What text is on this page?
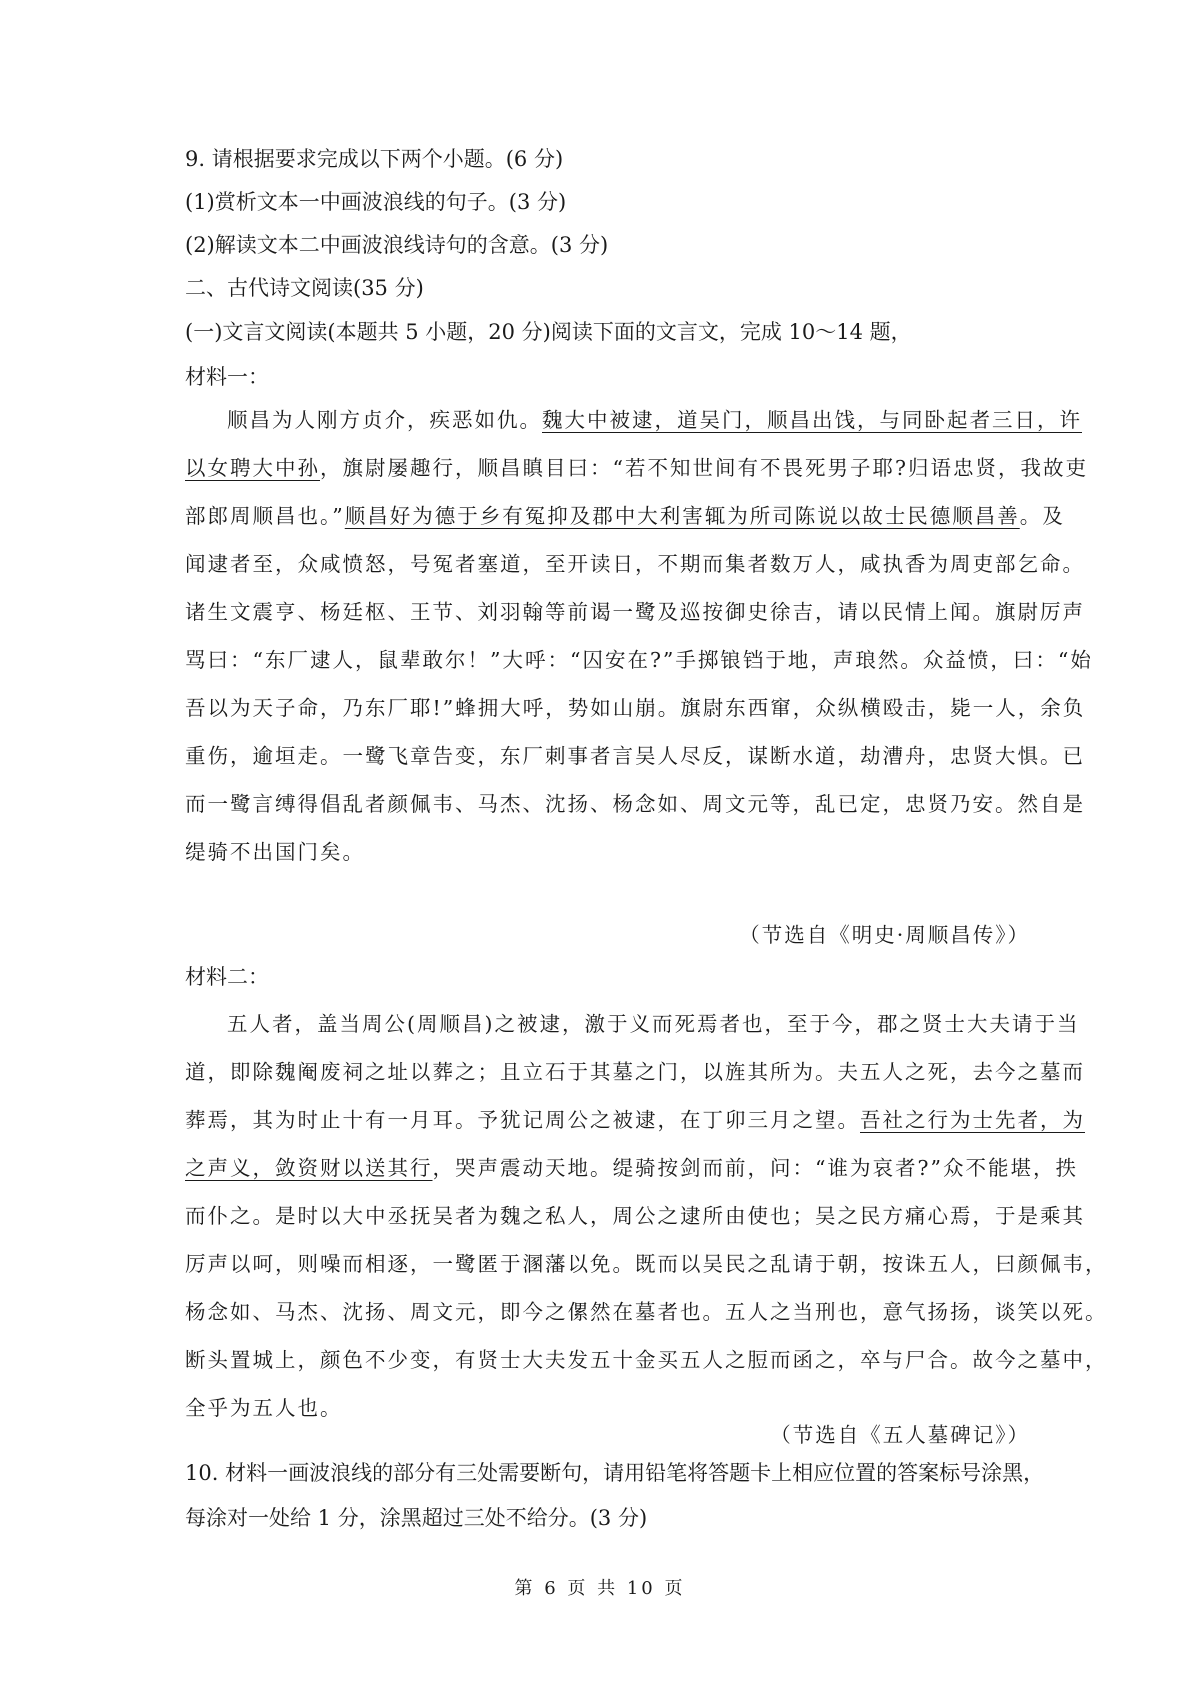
9. 请根据要求完成以下两个小题。(6 分)
(1)赏析文本一中画波浪线的句子。(3 分)
(2)解读文本二中画波浪线诗句的含意。(3 分)
二、古代诗文阅读(35 分)
(一)文言文阅读(本题共 5 小题，20 分)阅读下面的文言文，完成 10～14 题，
材料一：
顺昌为人刚方贞介，疾恶如仇。魏大中被逮，道吴门，顺昌出饯，与同卧起者三日，许
以女聘大中孙，旗尉屡趣行，顺昌瞋目曰：“若不知世间有不畏死男子耶?归语忠贤，我故吏
部郎周顺昌也。”顺昌好为德于乡有冤抑及郡中大利害辄为所司陈说以故士民德顺昌善。及
闻逮者至，众咸愤怒，号冤者塞道，至开读日，不期而集者数万人，咸执香为周吏部乞命。
诸生文震亨、杨廷枢、王节、刘羽翰等前谒一鹭及巡按御史徐吉，请以民情上闻。旗尉厉声
骂曰：“东厂逮人，鼠辈敢尔！”大呼：“囚安在?”手掷锒铛于地，声琅然。众益愤，曰：“始
吾以为天子命，乃东厂耶!”蜂拥大呼，势如山崩。旗尉东西窜，众纵横殴击，毙一人，余负
重伤，逾垣走。一鹭飞章告变，东厂刺事者言吴人尽反，谋断水道，劫漕舟，忠贤大惧。已
而一鹭言缚得倡乱者颜佩韦、马杰、沈扬、杨念如、周文元等，乱已定，忠贤乃安。然自是
缇骑不出国门矣。
（节选自《明史·周顺昌传》）
材料二：
五人者，盖当周公(周顺昌)之被逮，激于义而死焉者也，至于今，郡之贤士大夫请于当
道，即除魏阉废祠之址以葬之；且立石于其墓之门，以旌其所为。夫五人之死，去今之墓而
葬焉，其为时止十有一月耳。予犹记周公之被逮，在丁卯三月之望。吾社之行为士先者，为
之声义，敛资财以送其行，哭声震动天地。缇骑按剑而前，问：“谁为哀者?”众不能堪，抶
而仆之。是时以大中丞抚吴者为魏之私人，周公之逮所由使也；吴之民方痛心焉，于是乘其
厉声以呵，则噪而相逐，一鹭匿于溷藩以免。既而以吴民之乱请于朝，按诛五人，曰颜佩韦，
杨念如、马杰、沈扬、周文元，即今之傫然在墓者也。五人之当刑也，意气扬扬，谈笑以死。
断头置城上，颜色不少变，有贤士大夫发五十金买五人之脰而函之，卒与尸合。故今之墓中，
全乎为五人也。
（节选自《五人墓碑记》）
10. 材料一画波浪线的部分有三处需要断句，请用铅笔将答题卡上相应位置的答案标号涂黑，
每涂对一处给 1 分，涂黑超过三处不给分。(3 分)
第 6 页 共 10 页
